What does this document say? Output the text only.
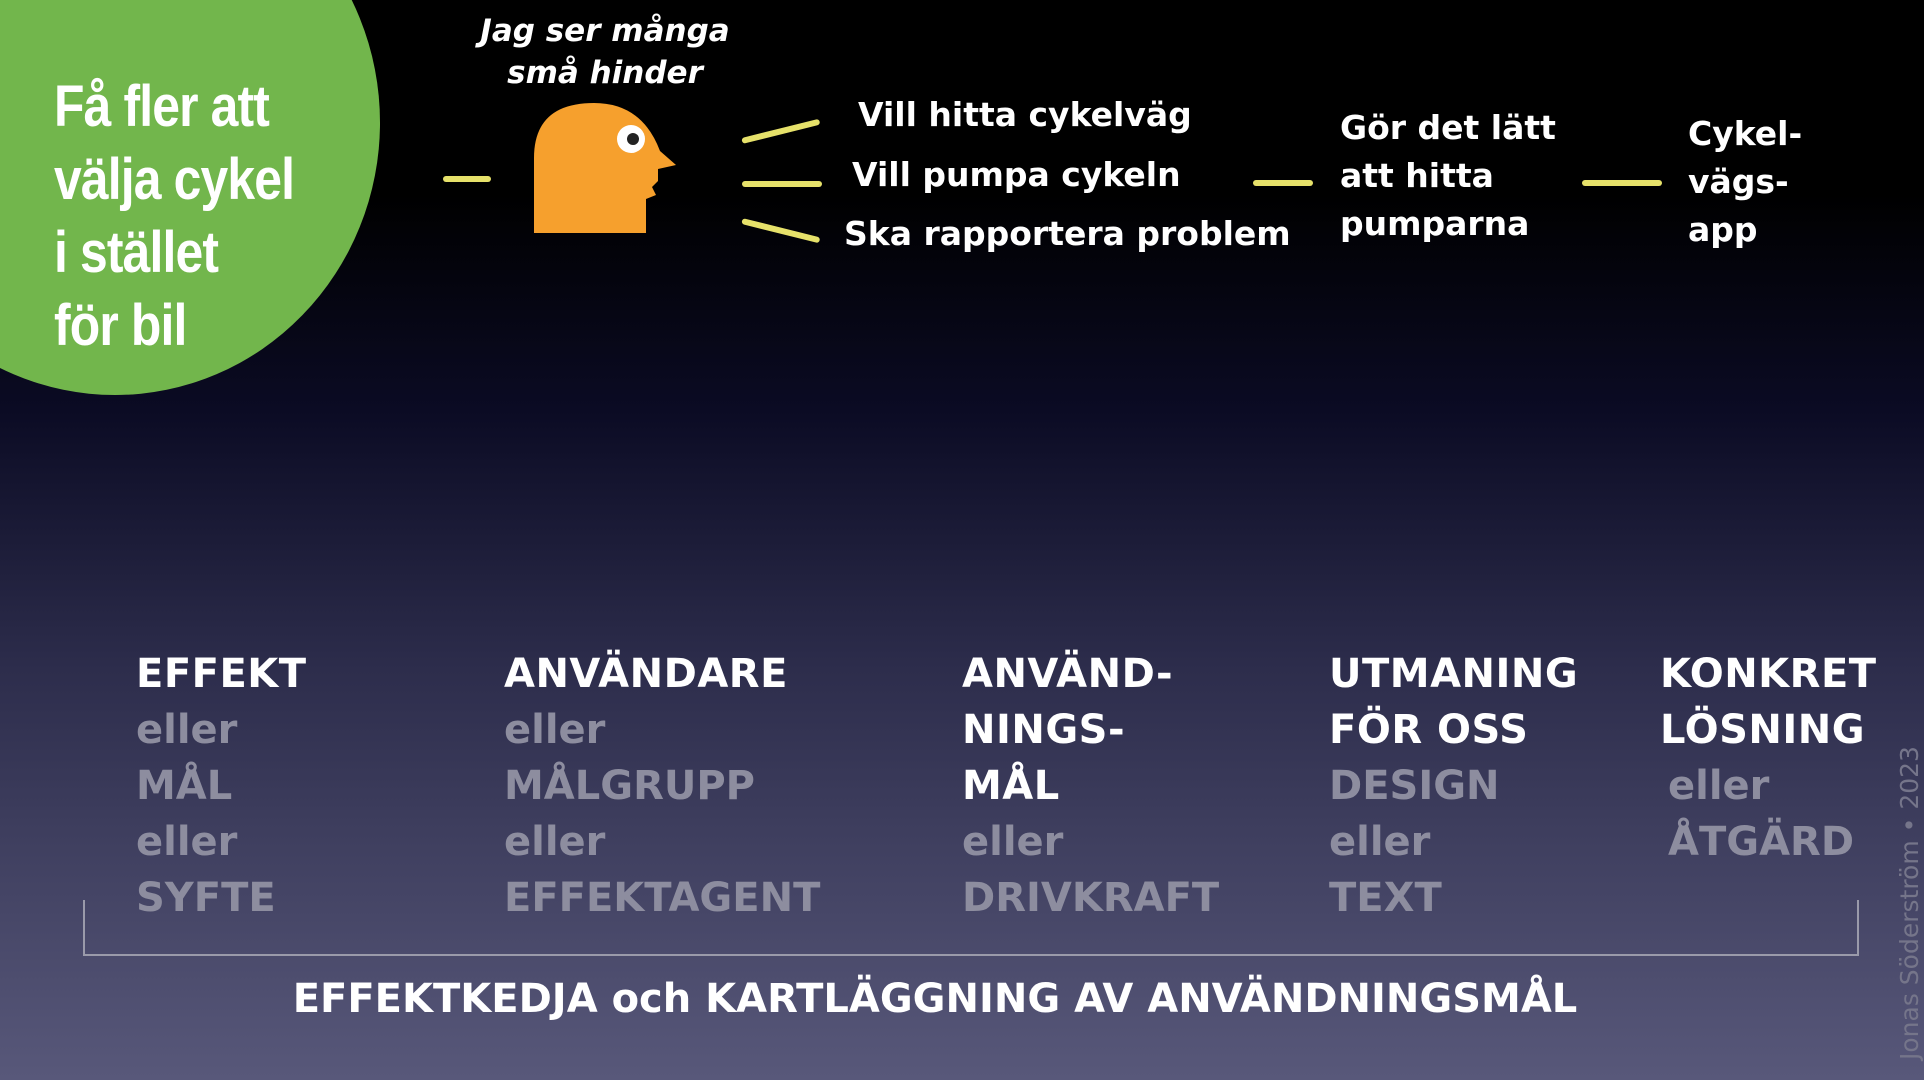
Få fler att
välja cykel
i stället
för bil
Jag ser många
små hinder
Vill hitta cykelväg
Vill pumpa cykeln
Ska rapportera problem
Gör det lätt
att hitta
pumparna
Cykel-
vägs-
app
EFFEKT
eller
MÅL
eller
SYFTE
ANVÄNDARE
eller
MÅLGRUPP
eller
EFFEKTAGENT
ANVÄND-
NINGS-
MÅL
eller
DRIVKRAFT
UTMANING
FÖR OSS
DESIGN
eller
TEXT
KONKRET
LÖSNING
eller
ÅTGÄRD
EFFEKTKEDJA och KARTLÄGGNING AV ANVÄNDNINGSMÅL	Jonas Söderström • 2023
